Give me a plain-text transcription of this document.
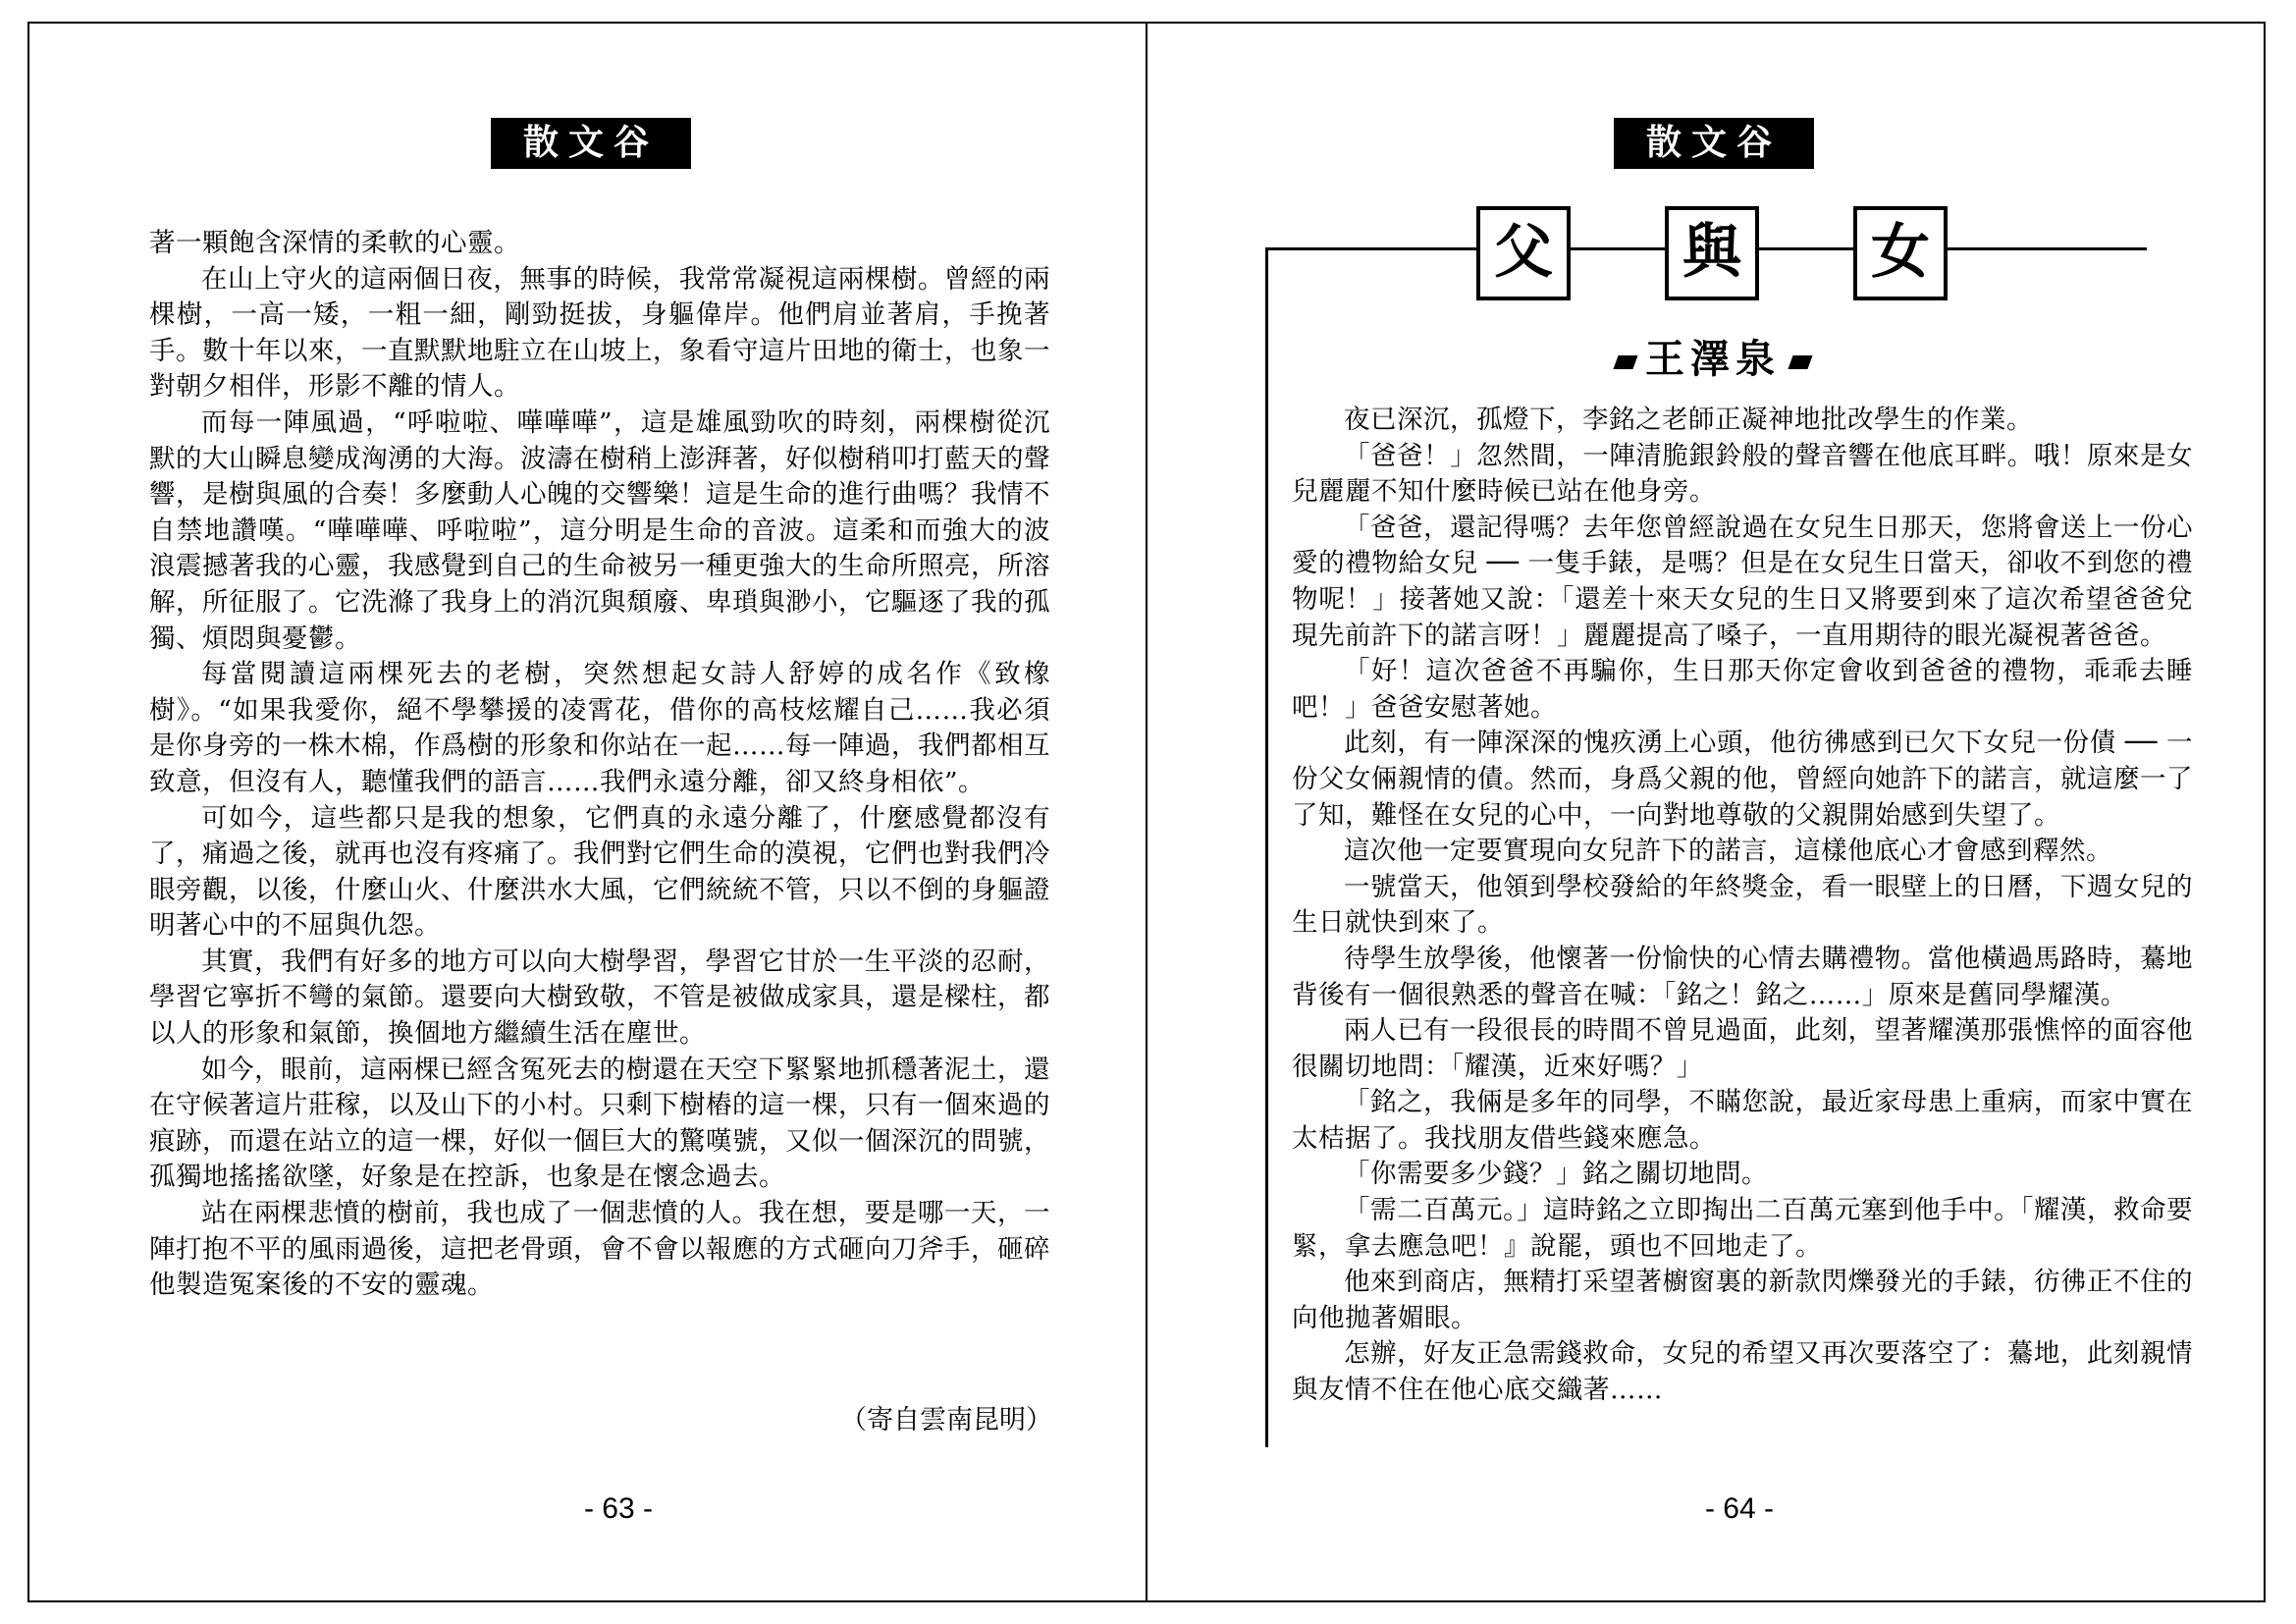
散文谷

著一顆飽含深情的柔軟的心靈。

在山上守火的這兩個日夜，無事的時候，我常常凝視這兩棵樹。曾經的兩棵樹，一高一矮，一粗一細，剛勁挺拔，身軀偉岸。他們肩並著肩，手挽著手。數十年以來，一直默默地駐立在山坡上，象看守這片田地的衛士，也象一對朝夕相伴，形影不離的情人。

而每一陣風過，“呼啦啦、嘩嘩嘩”，這是雄風勁吹的時刻，兩棵樹從沉默的大山瞬息變成洶湧的大海。波濤在樹稍上澎湃著，好似樹稍叩打藍天的聲響，是樹與風的合奏！多麼動人心魄的交響樂！這是生命的進行曲嗎？我情不自禁地讚嘆。“嘩嘩嘩、呼啦啦”，這分明是生命的音波。這柔和而強大的波浪震撼著我的心靈，我感覺到自己的生命被另一種更強大的生命所照亮，所溶解，所征服了。它洗滌了我身上的消沉與頹廢、卑瑣與渺小，它驅逐了我的孤獨、煩悶與憂鬱。

每當閱讀這兩棵死去的老樹，突然想起女詩人舒婷的成名作《致橡樹》。“如果我愛你，絕不學攀援的凌霄花，借你的高枝炫耀自己……我必須是你身旁的一株木棉，作爲樹的形象和你站在一起……每一陣過，我們都相互致意，但沒有人，聽懂我們的語言……我們永遠分離，卻又終身相依”。

可如今，這些都只是我的想象，它們真的永遠分離了，什麼感覺都沒有了，痛過之後，就再也沒有疼痛了。我們對它們生命的漠視，它們也對我們冷眼旁觀，以後，什麼山火、什麼洪水大風，它們統統不管，只以不倒的身軀證明著心中的不屈與仇怨。

其實，我們有好多的地方可以向大樹學習，學習它甘於一生平淡的忍耐，學習它寧折不彎的氣節。還要向大樹致敬，不管是被做成家具，還是樑柱，都以人的形象和氣節，換個地方繼續生活在塵世。

如今，眼前，這兩棵已經含冤死去的樹還在天空下緊緊地抓穩著泥土，還在守候著這片莊稼，以及山下的小村。只剩下樹樁的這一棵，只有一個來過的痕跡，而還在站立的這一棵，好似一個巨大的驚嘆號，又似一個深沉的問號，孤獨地搖搖欲墜，好象是在控訴，也象是在懷念過去。

站在兩棵悲憤的樹前，我也成了一個悲憤的人。我在想，要是哪一天，一陣打抱不平的風雨過後，這把老骨頭，會不會以報應的方式砸向刀斧手，砸碎他製造冤案後的不安的靈魂。

（寄自雲南昆明）
- 63 -
散文谷
父	與	女
王澤泉

夜已深沉，孤燈下，李銘之老師正凝神地批改學生的作業。

「爸爸！」忽然間，一陣清脆銀鈴般的聲音響在他底耳畔。哦！原來是女兒麗麗不知什麼時候已站在他身旁。

「爸爸，還記得嗎？去年您曾經說過在女兒生日那天，您將會送上一份心愛的禮物給女兒 ── 一隻手錶，是嗎？但是在女兒生日當天，卻收不到您的禮物呢！」接著她又說：「還差十來天女兒的生日又將要到來了這次希望爸爸兌現先前許下的諾言呀！」麗麗提高了嗓子，一直用期待的眼光凝視著爸爸。

「好！這次爸爸不再騙你，生日那天你定會收到爸爸的禮物，乖乖去睡吧！」爸爸安慰著她。

此刻，有一陣深深的愧疚湧上心頭，他彷彿感到已欠下女兒一份債 ── 一份父女倆親情的債。然而，身爲父親的他，曾經向她許下的諾言，就這麼一了了知，難怪在女兒的心中，一向對地尊敬的父親開始感到失望了。

這次他一定要實現向女兒許下的諾言，這樣他底心才會感到釋然。

一號當天，他領到學校發給的年終獎金，看一眼壁上的日曆，下週女兒的生日就快到來了。

待學生放學後，他懷著一份愉快的心情去購禮物。當他橫過馬路時，驀地背後有一個很熟悉的聲音在喊：「銘之！銘之……」原來是舊同學耀漢。

兩人已有一段很長的時間不曾見過面，此刻，望著耀漢那張憔悴的面容他很關切地問：「耀漢，近來好嗎？」

「銘之，我倆是多年的同學，不瞞您說，最近家母患上重病，而家中實在太桔据了。我找朋友借些錢來應急。

「你需要多少錢？」銘之關切地問。

「需二百萬元。」這時銘之立即掏出二百萬元塞到他手中。「耀漢，救命要緊，拿去應急吧！』說罷，頭也不回地走了。

他來到商店，無精打采望著櫥窗裏的新款閃爍發光的手錶，彷彿正不住的向他拋著媚眼。

怎辦，好友正急需錢救命，女兒的希望又再次要落空了：驀地，此刻親情與友情不住在他心底交織著……

- 64 -
